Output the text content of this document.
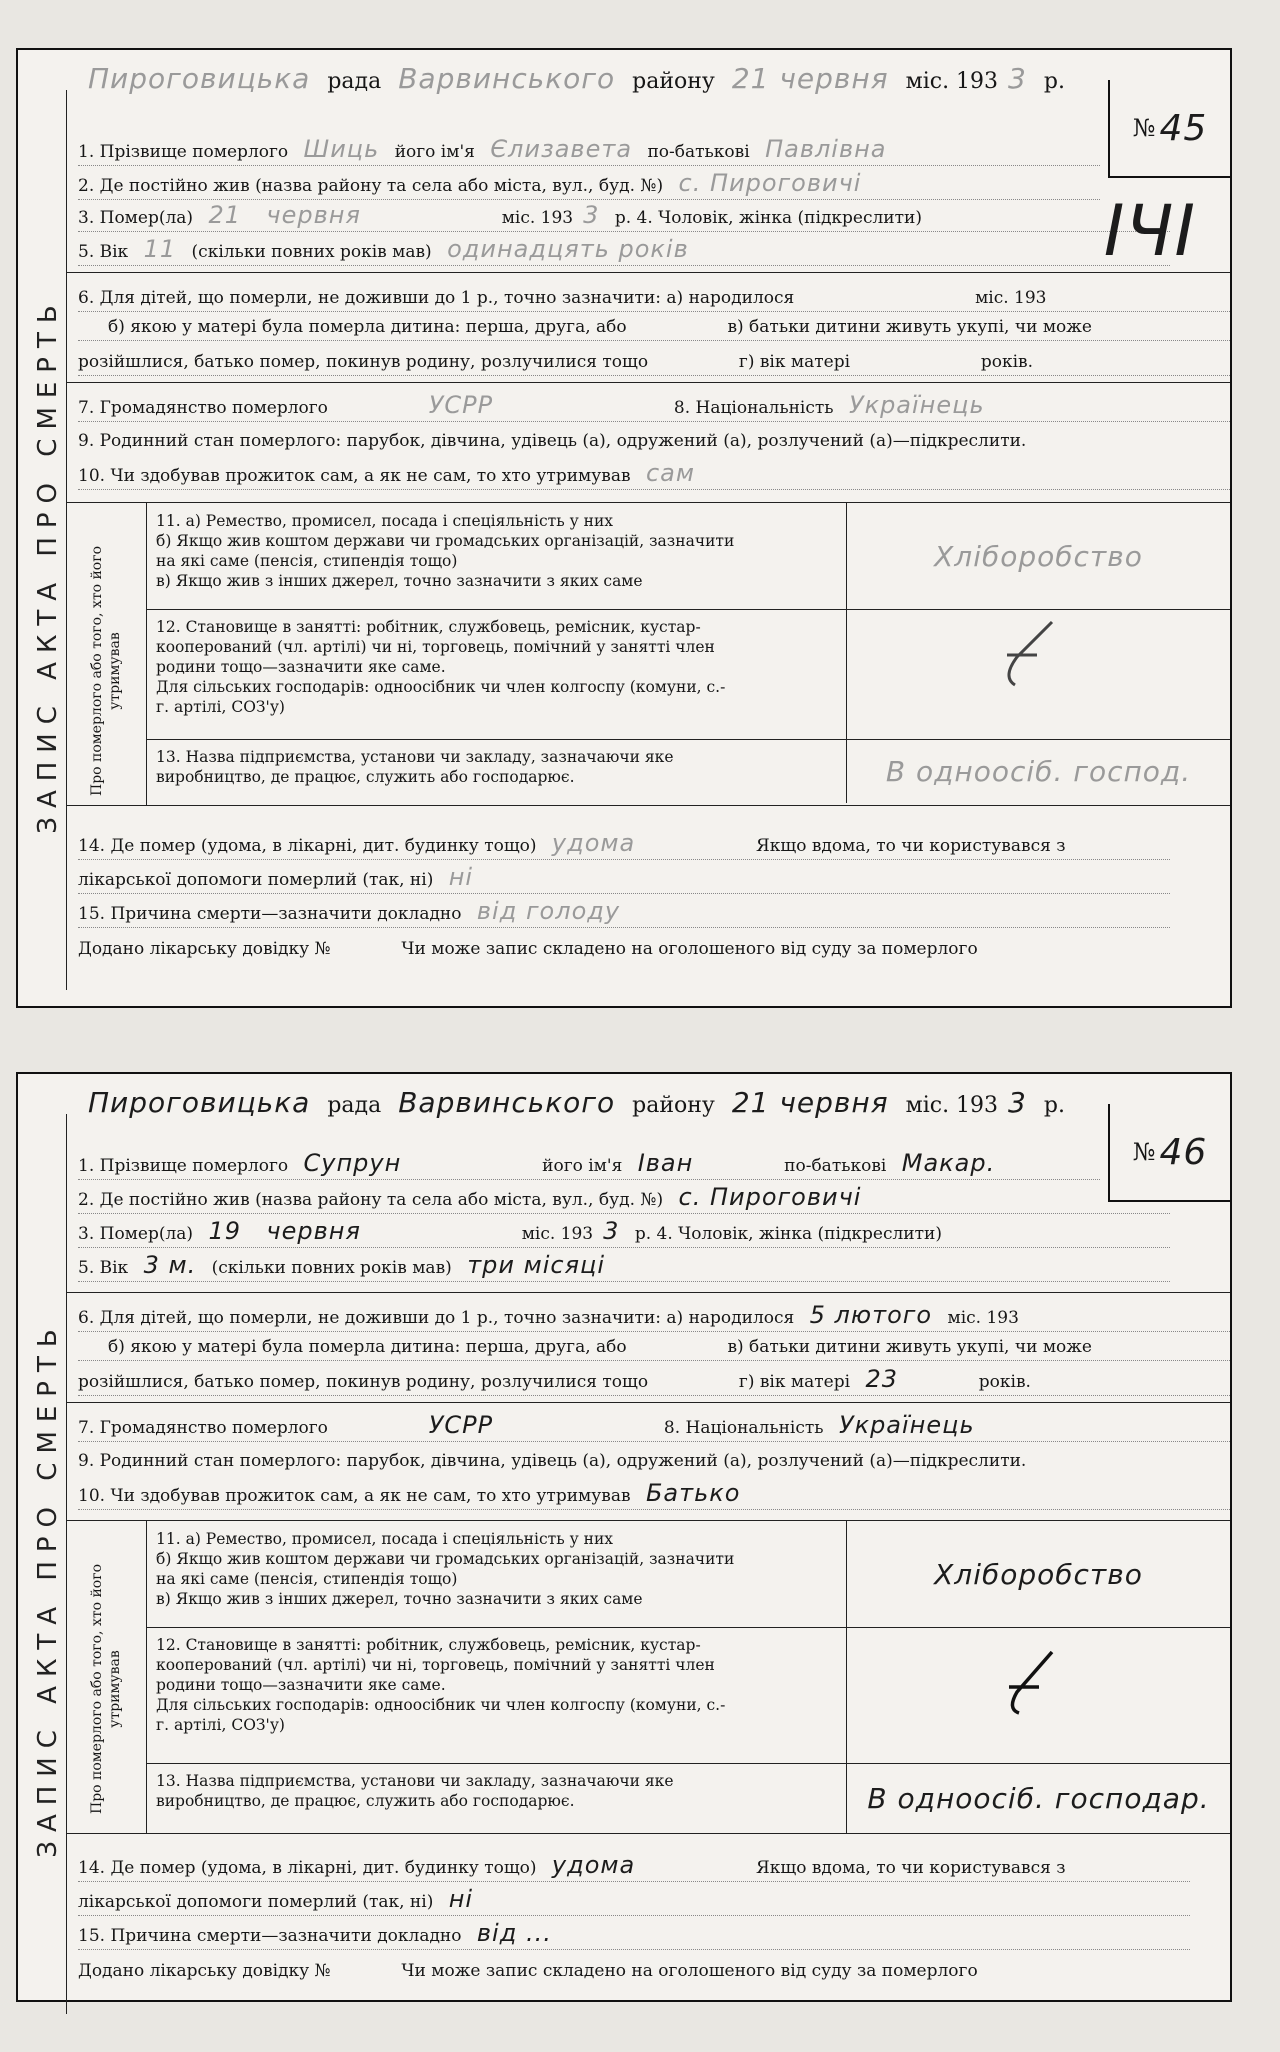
ЗАПИС АКТА ПРО СМЕРТЬ
Пироговицька рада Варвинського району 21 червня міс. 193 3 р.
№ 45
1. Прізвище померлого Шиць його ім'я Єлизавета по-батькові Павлівна
2. Де постійно жив (назва району та села або міста, вул., буд. №) с. Пироговичі
3. Помер(ла) 21 червня	міс. 193 3 р. 4. Чоловік, жінка (підкреслити)
5. Вік 11 (скільки повних років мав) одинадцять років	ІЧІ
6. Для дітей, що померли, не доживши до 1 р., точно зазначити: а) народилося	міс. 193
б) якою у матері була померла дитина: перша, друга, або	в) батьки дитини живуть укупі, чи може
розійшлися, батько помер, покинув родину, розлучилися тощо	г) вік матері	років.
7. Громадянство померлого	УСРР	8. Національність Українець
9. Родинний стан померлого: парубок, дівчина, удівець (а), одружений (а), розлучений (а)—підкреслити.
10. Чи здобував прожиток сам, а як не сам, то хто утримував сам
Про померлого або того, хто його утримував
11. а) Ремество, промисел, посада і спеціяльність у них
б) Якщо жив коштом держави чи громадських організацій, зазначити на які саме (пенсія, стипендія тощо)
в) Якщо жив з інших джерел, точно зазначити з яких саме
Хліборобство
12. Становище в занятті: робітник, службовець, ремісник, кустар-кооперований (чл. артілі) чи ні, торговець, помічний у занятті член родини тощо—зазначити яке саме.
Для сільських господарів: одноосібник чи член колгоспу (комуни, с.-г. артілі, СОЗ'у)
13. Назва підприємства, установи чи закладу, зазначаючи яке виробництво, де працює, служить або господарює.	В одноосіб. господ.
14. Де помер (удома, в лікарні, дит. будинку тощо) удома	Якщо вдома, то чи користувався з
лікарської допомоги померлий (так, ні) ні
15. Причина смерти—зазначити докладно від голоду
Додано лікарську довідку №	Чи може запис складено на оголошеного від суду за померлого
ЗАПИС АКТА ПРО СМЕРТЬ
Пироговицька рада Варвинського району 21 червня міс. 193 3 р.
№ 46
1. Прізвище померлого Супрун	його ім'я Іван	по-батькові Макар.
2. Де постійно жив (назва району та села або міста, вул., буд. №) с. Пироговичі
3. Помер(ла) 19 червня	міс. 193 3 р. 4. Чоловік, жінка (підкреслити)
5. Вік 3 м. (скільки повних років мав) три місяці
6. Для дітей, що померли, не доживши до 1 р., точно зазначити: а) народилося 5 лютого міс. 193
б) якою у матері була померла дитина: перша, друга, або	в) батьки дитини живуть укупі, чи може
розійшлися, батько помер, покинув родину, розлучилися тощо	г) вік матері 23	років.
7. Громадянство померлого	УСРР	8. Національність Українець
9. Родинний стан померлого: парубок, дівчина, удівець (а), одружений (а), розлучений (а)—підкреслити.
10. Чи здобував прожиток сам, а як не сам, то хто утримував Батько
Про померлого або того, хто його утримував
11. а) Ремество, промисел, посада і спеціяльність у них
б) Якщо жив коштом держави чи громадських організацій, зазначити на які саме (пенсія, стипендія тощо)
в) Якщо жив з інших джерел, точно зазначити з яких саме
Хліборобство
12. Становище в занятті: робітник, службовець, ремісник, кустар-кооперований (чл. артілі) чи ні, торговець, помічний у занятті член родини тощо—зазначити яке саме.
Для сільських господарів: одноосібник чи член колгоспу (комуни, с.-г. артілі, СОЗ'у)
13. Назва підприємства, установи чи закладу, зазначаючи яке виробництво, де працює, служить або господарює.	В одноосіб. господар.
14. Де помер (удома, в лікарні, дит. будинку тощо) удома	Якщо вдома, то чи користувався з
лікарської допомоги померлий (так, ні) ні
15. Причина смерти—зазначити докладно від ...
Додано лікарську довідку №	Чи може запис складено на оголошеного від суду за померлого
